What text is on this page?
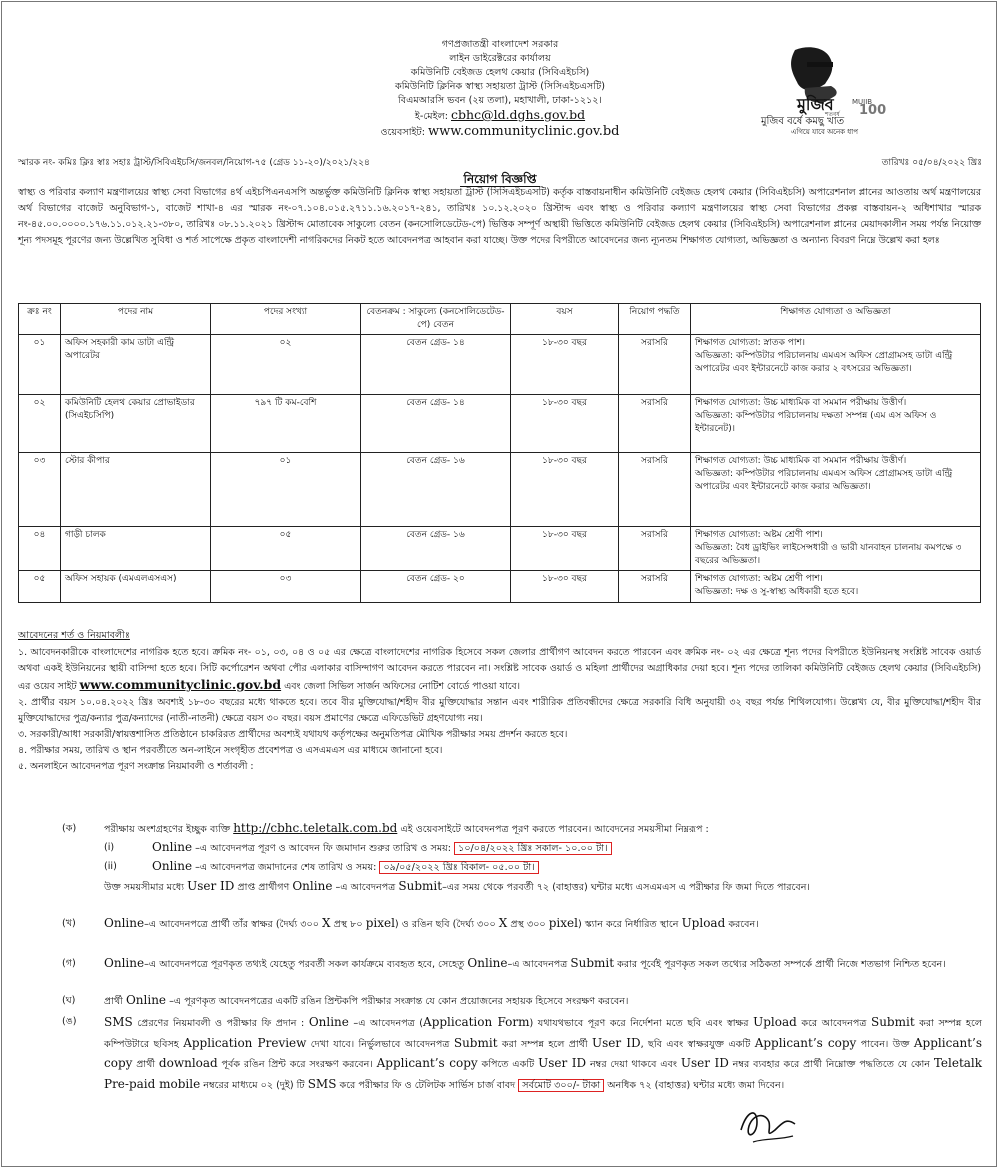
গণপ্রজাতন্ত্রী বাংলাদেশ সরকার
লাইন ডাইরেক্টরের কার্যালয়
কমিউনিটি বেইজড হেলথ কেয়ার (সিবিএইচসি)
কমিউনিটি ক্লিনিক স্বাস্থ্য সহায়তা ট্রাস্ট (সিসিএইচএসটি)
বিএমআরসি ভবন (২য় তলা), মহাখালী, ঢাকা-১২১২।
ই-মেইল: cbhc@ld.dghs.gov.bd
ওয়েবসাইট: www.communityclinic.gov.bd
মুজিব	MUJIB
100
শতবর্ষ
মুজিব বর্ষে কমছু খাত
এগিয়ে যাবে অনেক ধাপ
স্মারক নং- কমিঃ ক্লিঃ স্বাঃ সহাঃ ট্রাস্ট/সিবিএইচসি/জনবল/নিয়োগ-৭৫ (গ্রেড ১১-২০)/২০২১/২২৪	তারিখঃ ০৫/০৪/২০২২ খ্রিঃ
নিয়োগ বিজ্ঞপ্তি
স্বাস্থ্য ও পরিবার কল্যাণ মন্ত্রণালয়ের স্বাস্থ্য সেবা বিভাগের ৪র্থ এইচপিএনএসপি অন্তর্ভুক্ত কমিউনিটি ক্লিনিক স্বাস্থ্য সহায়তা ট্রাস্ট (সিসিএইচএসটি) কর্তৃক বাস্তবায়নাধীন কমিউনিটি বেইজড হেলথ কেয়ার (সিবিএইচসি) অপারেশনাল প্লানের আওতায় অর্থ মন্ত্রণালয়ের অর্থ বিভাগের বাজেট অনুবিভাগ-১, বাজেট শাখা-৪ এর স্মারক নং-০৭.১০৪.০১৫.২৭১১.১৬.২০১৭-২৪১, তারিখঃ ১০.১২.২০২০ খ্রিস্টাব্দ এবং স্বাস্থ্য ও পরিবার কল্যাণ মন্ত্রণালয়ের স্বাস্থ্য সেবা বিভাগের প্রকল্প বাস্তবায়ন-২ অধিশাখার স্মারক নং-৪৫.০০.০০০০.১৭৬.১১.০১২.২১-৩৮০, তারিখঃ ০৮.১১.২০২১ খ্রিস্টাব্দ মোতাবেক সাকুল্যে বেতন (কনসোলিডেটেড-পে) ভিত্তিক সম্পূর্ণ অস্থায়ী ভিত্তিতে কমিউনিটি বেইজড হেলথ কেয়ার (সিবিএইচসি) অপারেশনাল প্লানের মেয়াদকালীন সময় পর্যন্ত নিয়োক্ত শূন্য পদসমূহ পূরণের জন্য উল্লেখিত সুবিধা ও শর্ত সাপেক্ষে প্রকৃত বাংলাদেশী নাগরিকদের নিকট হতে আবেদনপত্র আহবান করা যাচ্ছে। উক্ত পদের বিপরীতে আবেদনের জন্য ন্যূনতম শিক্ষাগত যোগ্যতা, অভিজ্ঞতা ও অন্যান্য বিবরণ নিম্নে উল্লেখ করা হলঃ
ক্রঃ নং	পদের নাম	পদের সংখ্যা	বেতনক্রম : সাকুল্যে (কনসোলিডেটেড-পে) বেতন	বয়স	নিয়োগ পদ্ধতি	শিক্ষাগত যোগ্যতা ও অভিজ্ঞতা
০১	অফিস সহকারী কাম ডাটা এন্ট্রি অপারেটর	০২	বেতন গ্রেড- ১৪	১৮-৩০ বছর	সরাসরি	শিক্ষাগত যোগ্যতা: স্নাতক পাশ।
অভিজ্ঞতা: কম্পিউটার পরিচালনায় এমএস অফিস প্রোগ্রামসহ ডাটা এন্ট্রি অপারেটর এবং ইন্টারনেটে কাজ করার ২ বৎসরের অভিজ্ঞতা।

০২	কমিউনিটি হেলথ কেয়ার প্রোভাইডার (সিএইচসিপি)	৭৯৭ টি কম-বেশি	বেতন গ্রেড- ১৪	১৮-৩০ বছর	সরাসরি	শিক্ষাগত যোগ্যতা: উচ্চ মাধ্যমিক বা সমমান পরীক্ষায় উত্তীর্ণ।
অভিজ্ঞতা: কম্পিউটার পরিচালনায় দক্ষতা সম্পন্ন (এম এস অফিস ও ইন্টারনেট)।

০৩	স্টোর কীপার	০১	বেতন গ্রেড- ১৬	১৮-৩০ বছর	সরাসরি	শিক্ষাগত যোগ্যতা: উচ্চ মাধ্যমিক বা সমমান পরীক্ষায় উত্তীর্ণ।
অভিজ্ঞতা: কম্পিউটার পরিচালনায় এমএস অফিস প্রোগ্রামসহ ডাটা এন্ট্রি অপারেটর এবং ইন্টারনেটে কাজ করার অভিজ্ঞতা।

০৪	গাড়ী চালক	০৫	বেতন গ্রেড- ১৬	১৮-৩০ বছর	সরাসরি	শিক্ষাগত যোগ্যতা: অষ্টম শ্রেণী পাশ।
অভিজ্ঞতা: বৈধ ড্রাইভিং লাইসেন্সধারী ও ভারী যানবাহন চালনায় কমপক্ষে ৩ বছরের অভিজ্ঞতা।

০৫	অফিস সহায়ক (এমএলএসএস)	০৩	বেতন গ্রেড- ২০	১৮-৩০ বছর	সরাসরি	শিক্ষাগত যোগ্যতা: অষ্টম শ্রেণী পাশ।
অভিজ্ঞতা: দক্ষ ও সু-স্বাস্থ্য অধিকারী হতে হবে।
আবেদনের শর্ত ও নিয়মাবলীঃ

১. আবেদনকারীকে বাংলাদেশের নাগরিক হতে হবে। ক্রমিক নং- ০১, ০৩, ০৪ ও ০৫ এর ক্ষেত্রে বাংলাদেশের নাগরিক হিসেবে সকল জেলার প্রার্থীগণ আবেদন করতে পারবেন এবং ক্রমিক নং- ০২ এর ক্ষেত্রে শূন্য পদের বিপরীতে ইউনিয়নস্থ সংশ্লিষ্ট সাবেক ওয়ার্ড অথবা একই ইউনিয়নের স্থায়ী বাসিন্দা হতে হবে। সিটি কর্পোরেশন অথবা পৌর এলাকার বাসিন্দাগণ আবেদন করতে পারবেন না। সংশ্লিষ্ট সাবেক ওয়ার্ড ও মহিলা প্রার্থীদের অগ্রাধিকার দেয়া হবে। শূন্য পদের তালিকা কমিউনিটি বেইজড হেলথ কেয়ার (সিবিএইচসি) এর ওয়েব সাইট www.communityclinic.gov.bd এবং জেলা সিভিল সার্জন অফিসের নোটিশ বোর্ডে পাওয়া যাবে।

২. প্রার্থীর বয়স ১০.০৪.২০২২ খ্রিঃ অবশ্যই ১৮-৩০ বছরের মধ্যে থাকতে হবে। তবে বীর মুক্তিযোদ্ধা/শহীদ বীর মুক্তিযোদ্ধার সন্তান এবং শারীরিক প্রতিবন্ধীদের ক্ষেত্রে সরকারি বিধি অনুযায়ী ৩২ বছর পর্যন্ত শিথিলযোগ্য। উল্লেখ্য যে, বীর মুক্তিযোদ্ধা/শহীদ বীর মুক্তিযোদ্ধাদের পুত্র/কন্যার পুত্র/কন্যাদের (নাতী-নাতনী) ক্ষেত্রে বয়স ৩০ বছর। বয়স প্রমাণের ক্ষেত্রে এফিডেভিট গ্রহণযোগ্য নয়।

৩. সরকারী/আধা সরকারী/স্বায়ত্তশাসিত প্রতিষ্ঠানে চাকরিরত প্রার্থীদের অবশ্যই যথাযথ কর্তৃপক্ষের অনুমতিপত্র মৌখিক পরীক্ষার সময় প্রদর্শন করতে হবে।

৪. পরীক্ষার সময়, তারিখ ও স্থান পরবর্তীতে অন-লাইনে সংগৃহীত প্রবেশপত্র ও এসএমএস এর মাধ্যমে জানানো হবে।

৫. অনলাইনে আবেদনপত্র পূরণ সংক্রান্ত নিয়মাবলী ও শর্তাবলী :

(ক)	পরীক্ষায় অংশগ্রহণের ইচ্ছুক ব্যক্তি http://cbhc.teletalk.com.bd এই ওয়েবসাইটে আবেদনপত্র পূরণ করতে পারবেন। আবেদনের সময়সীমা নিম্নরূপ :
(i)	Online –এ আবেদনপত্র পূরণ ও আবেদন ফি জমাদান শুরুর তারিখ ও সময়: ১০/০৪/২০২২ খ্রিঃ সকাল- ১০.০০ টা।
(ii)	Online –এ আবেদনপত্র জমাদানের শেষ তারিখ ও সময়: ০৯/০৫/২০২২ খ্রিঃ বিকাল- ০৫.০০ টা।
উক্ত সময়সীমার মধ্যে User ID প্রাপ্ত প্রার্থীগণ Online –এ আবেদনপত্র Submit–এর সময় থেকে পরবর্তী ৭২ (বাহাত্তর) ঘন্টার মধ্যে এসএমএস এ পরীক্ষার ফি জমা দিতে পারবেন।
(খ) Online–এ আবেদনপত্রে প্রার্থী তাঁর স্বাক্ষর (দৈর্ঘ্য ৩০০ X প্রস্থ ৮০ pixel) ও রঙিন ছবি (দৈর্ঘ্য ৩০০ X প্রস্থ ৩০০ pixel) স্ক্যান করে নির্ধারিত স্থানে Upload করবেন।
(গ) Online–এ আবেদনপত্রে পূরণকৃত তথ্যই যেহেতু পরবর্তী সকল কার্যক্রমে ব্যবহৃত হবে, সেহেতু Online–এ আবেদনপত্র Submit করার পূর্বেই পূরণকৃত সকল তথ্যের সঠিকতা সম্পর্কে প্রার্থী নিজে শতভাগ নিশ্চিত হবেন।
(ঘ)	প্রার্থী Online –এ পূরণকৃত আবেদনপত্রের একটি রঙিন প্রিন্টকপি পরীক্ষার সংক্রান্ত যে কোন প্রয়োজনের সহায়ক হিসেবে সংরক্ষণ করবেন।
(ঙ) SMS প্রেরণের নিয়মাবলী ও পরীক্ষার ফি প্রদান : Online –এ আবেদনপত্র (Application Form) যথাযথভাবে পূরণ করে নির্দেশনা মতে ছবি এবং স্বাক্ষর Upload করে আবেদনপত্র Submit করা সম্পন্ন হলে কম্পিউটারে ছবিসহ Application Preview দেখা যাবে। নির্ভুলভাবে আবেদনপত্র Submit করা সম্পন্ন হলে প্রার্থী User ID, ছবি এবং স্বাক্ষরযুক্ত একটি Applicant’s copy পাবেন। উক্ত Applicant’s copy প্রার্থী download পূর্বক রঙিন প্রিন্ট করে সংরক্ষণ করবেন। Applicant’s copy কপিতে একটি User ID নম্বর দেয়া থাকবে এবং User ID নম্বর ব্যবহার করে প্রার্থী নিম্নোক্ত পদ্ধতিতে যে কোন Teletalk Pre-paid mobile নম্বরের মাধ্যমে ০২ (দুই) টি SMS করে পরীক্ষার ফি ও টেলিটক সার্ভিস চার্জ বাবদ সর্বমোট ৩০০/- টাকা অনধিক ৭২ (বাহাত্তর) ঘন্টার মধ্যে জমা দিবেন।
